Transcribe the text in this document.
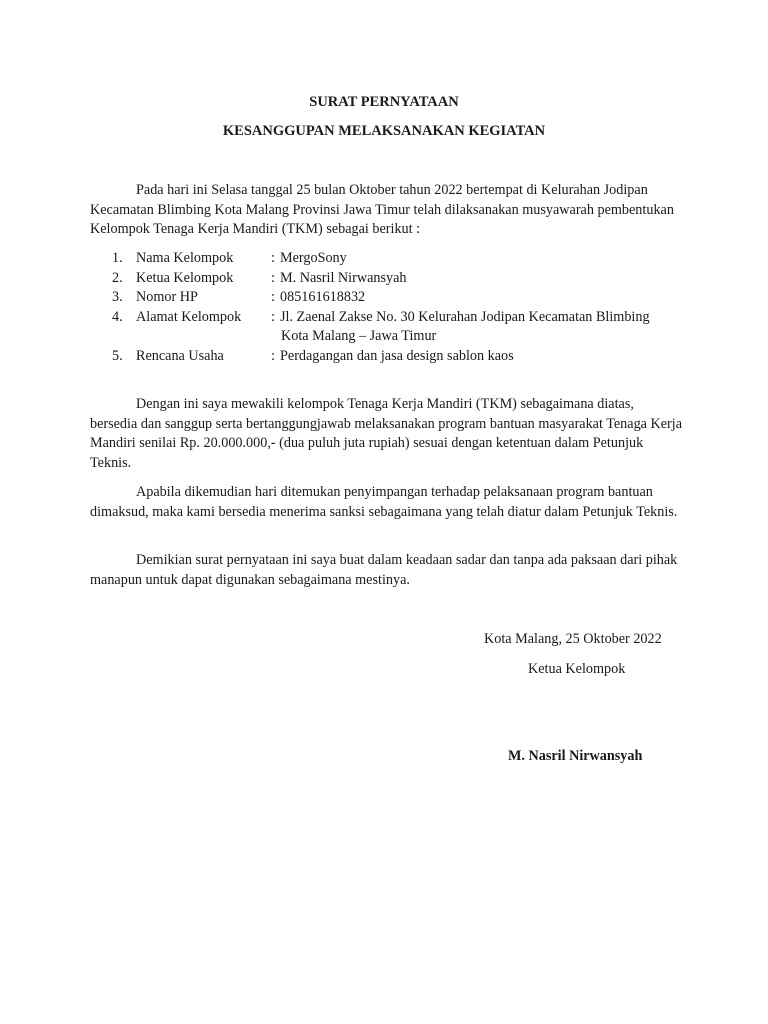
SURAT PERNYATAAN
KESANGGUPAN MELAKSANAKAN KEGIATAN
Pada hari ini Selasa tanggal 25 bulan Oktober tahun 2022 bertempat di Kelurahan Jodipan Kecamatan Blimbing Kota Malang Provinsi Jawa Timur telah dilaksanakan musyawarah pembentukan Kelompok Tenaga Kerja Mandiri (TKM) sebagai berikut :
1. Nama Kelompok	: MergoSony
2. Ketua Kelompok	: M. Nasril Nirwansyah
3. Nomor HP	: 085161618832
4. Alamat Kelompok	: Jl. Zaenal Zakse No. 30 Kelurahan Jodipan Kecamatan Blimbing
Kota Malang – Jawa Timur
5. Rencana Usaha	: Perdagangan dan jasa design sablon kaos
Dengan ini saya mewakili kelompok Tenaga Kerja Mandiri (TKM) sebagaimana diatas, bersedia dan sanggup serta bertanggungjawab melaksanakan program bantuan masyarakat Tenaga Kerja Mandiri senilai Rp. 20.000.000,- (dua puluh juta rupiah) sesuai dengan ketentuan dalam Petunjuk Teknis.
Apabila dikemudian hari ditemukan penyimpangan terhadap pelaksanaan program bantuan dimaksud, maka kami bersedia menerima sanksi sebagaimana yang telah diatur dalam Petunjuk Teknis.
Demikian surat pernyataan ini saya buat dalam keadaan sadar dan tanpa ada paksaan dari pihak manapun untuk dapat digunakan sebagaimana mestinya.
Kota Malang, 25 Oktober 2022
Ketua Kelompok
M. Nasril Nirwansyah
